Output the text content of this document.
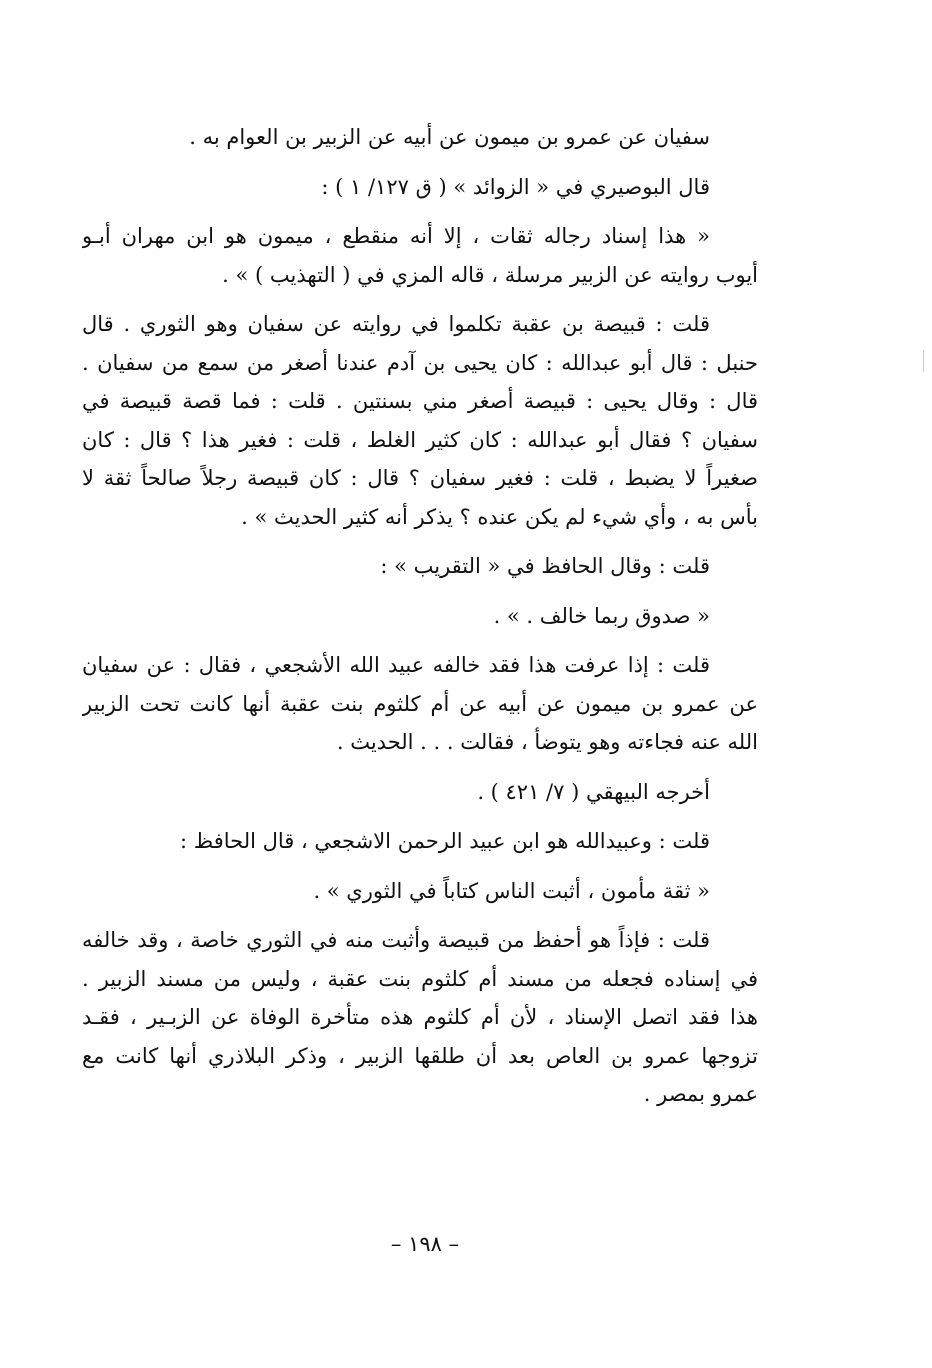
سفيان عن عمرو بن ميمون عن أبيه عن الزبير بن العوام به .
قال البوصيري في « الزوائد » ( ق ١٢٧/ ١ ) :
« هذا إسناد رجاله ثقات ، إلا أنه منقطع ، ميمون هو ابن مهران أبـو
أيوب روايته عن الزبير مرسلة ، قاله المزي في ( التهذيب ) » .
قلت : قبيصة بن عقبة تكلموا في روايته عن سفيان وهو الثوري . قال
حنبل : قال أبو عبدالله : كان يحيى بن آدم عندنا أصغر من سمع من سفيان .
قال : وقال يحيى : قبيصة أصغر مني بسنتين . قلت : فما قصة قبيصة في
سفيان ؟ فقال أبو عبدالله : كان كثير الغلط ، قلت : فغير هذا ؟ قال : كان
صغيراً لا يضبط ، قلت : فغير سفيان ؟ قال : كان قبيصة رجلاً صالحاً ثقة لا
بأس به ، وأي شيء لم يكن عنده ؟ يذكر أنه كثير الحديث » .
قلت : وقال الحافظ في « التقريب » :
« صدوق ربما خالف . » .
قلت : إذا عرفت هذا فقد خالفه عبيد الله الأشجعي ، فقال : عن سفيان
عن عمرو بن ميمون عن أبيه عن أم كلثوم بنت عقبة أنها كانت تحت الزبير
الله عنه فجاءته وهو يتوضأ ، فقالت . . . الحديث .
أخرجه البيهقي ( ٧/ ٤٢١ ) .
قلت : وعبيدالله هو ابن عبيد الرحمن الاشجعي ، قال الحافظ :
« ثقة مأمون ، أثبت الناس كتاباً في الثوري » .
قلت : فإذاً هو أحفظ من قبيصة وأثبت منه في الثوري خاصة ، وقد خالفه
في إسناده فجعله من مسند أم كلثوم بنت عقبة ، وليس من مسند الزبير .
هذا فقد اتصل الإسناد ، لأن أم كلثوم هذه متأخرة الوفاة عن الزبـير ، فقـد
تزوجها عمرو بن العاص بعد أن طلقها الزبير ، وذكر البلاذري أنها كانت مع
عمرو بمصر .
– ١٩٨ –
